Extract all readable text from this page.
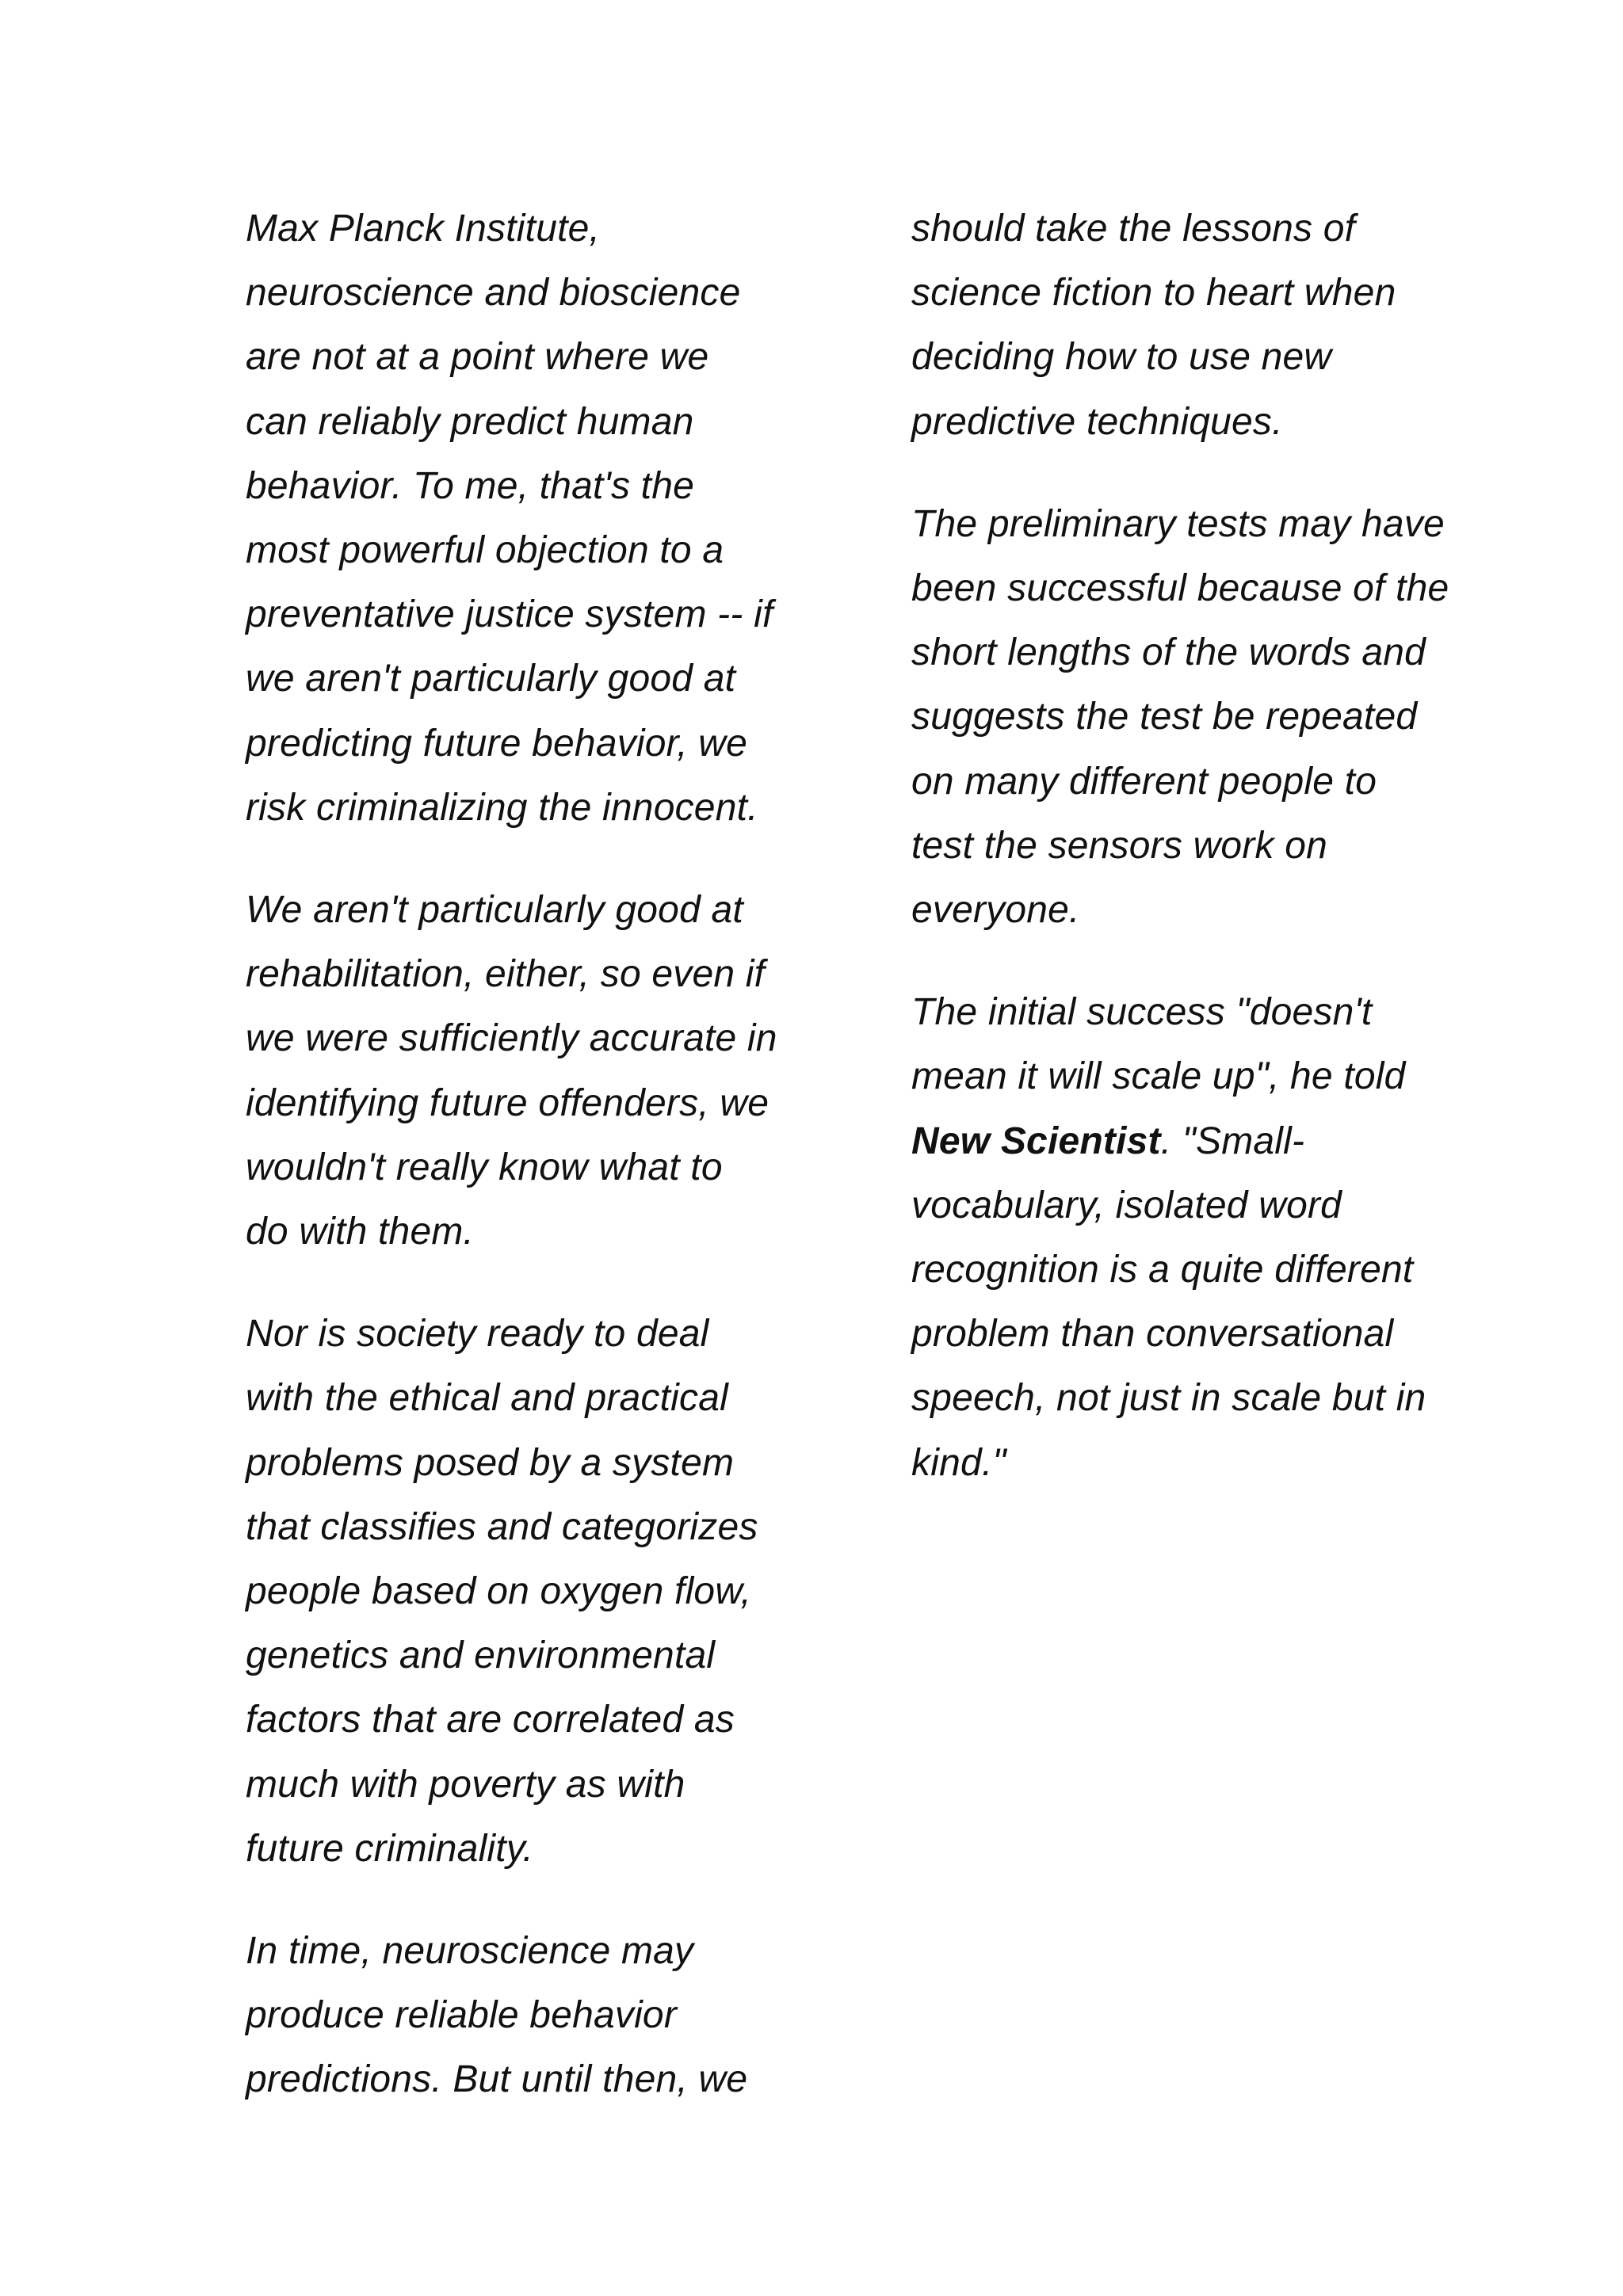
Max Planck Institute,
neuroscience and bioscience
are not at a point where we
can reliably predict human
behavior. To me, that's the
most powerful objection to a
preventative justice system -- if
we aren't particularly good at
predicting future behavior, we
risk criminalizing the innocent.

We aren't particularly good at
rehabilitation, either, so even if
we were sufficiently accurate in
identifying future offenders, we
wouldn't really know what to
do with them.

Nor is society ready to deal
with the ethical and practical
problems posed by a system
that classifies and categorizes
people based on oxygen flow,
genetics and environmental
factors that are correlated as
much with poverty as with
future criminality.

In time, neuroscience may
produce reliable behavior
predictions. But until then, we

should take the lessons of
science fiction to heart when
deciding how to use new
predictive techniques.

The preliminary tests may have
been successful because of the
short lengths of the words and
suggests the test be repeated
on many different people to
test the sensors work on
everyone.

The initial success "doesn't
mean it will scale up", he told
New Scientist. "Small-
vocabulary, isolated word
recognition is a quite different
problem than conversational
speech, not just in scale but in
kind."
